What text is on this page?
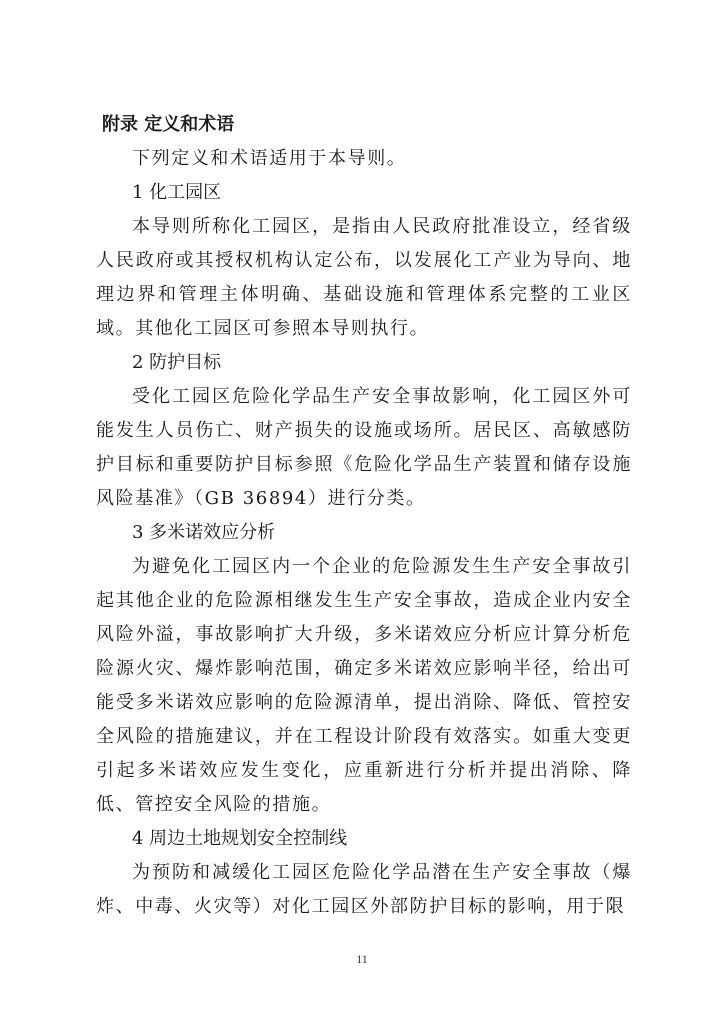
附录 定义和术语

下列定义和术语适用于本导则。

1 化工园区

本导则所称化工园区，是指由人民政府批准设立，经省级人民政府或其授权机构认定公布，以发展化工产业为导向、地理边界和管理主体明确、基础设施和管理体系完整的工业区域。其他化工园区可参照本导则执行。

2 防护目标

受化工园区危险化学品生产安全事故影响，化工园区外可能发生人员伤亡、财产损失的设施或场所。居民区、高敏感防护目标和重要防护目标参照《危险化学品生产装置和储存设施风险基准》（GB 36894）进行分类。

3 多米诺效应分析

为避免化工园区内一个企业的危险源发生生产安全事故引起其他企业的危险源相继发生生产安全事故，造成企业内安全风险外溢，事故影响扩大升级，多米诺效应分析应计算分析危险源火灾、爆炸影响范围，确定多米诺效应影响半径，给出可能受多米诺效应影响的危险源清单，提出消除、降低、管控安全风险的措施建议，并在工程设计阶段有效落实。如重大变更引起多米诺效应发生变化，应重新进行分析并提出消除、降低、管控安全风险的措施。

4 周边土地规划安全控制线

为预防和减缓化工园区危险化学品潜在生产安全事故（爆炸、中毒、火灾等）对化工园区外部防护目标的影响，用于限

11
